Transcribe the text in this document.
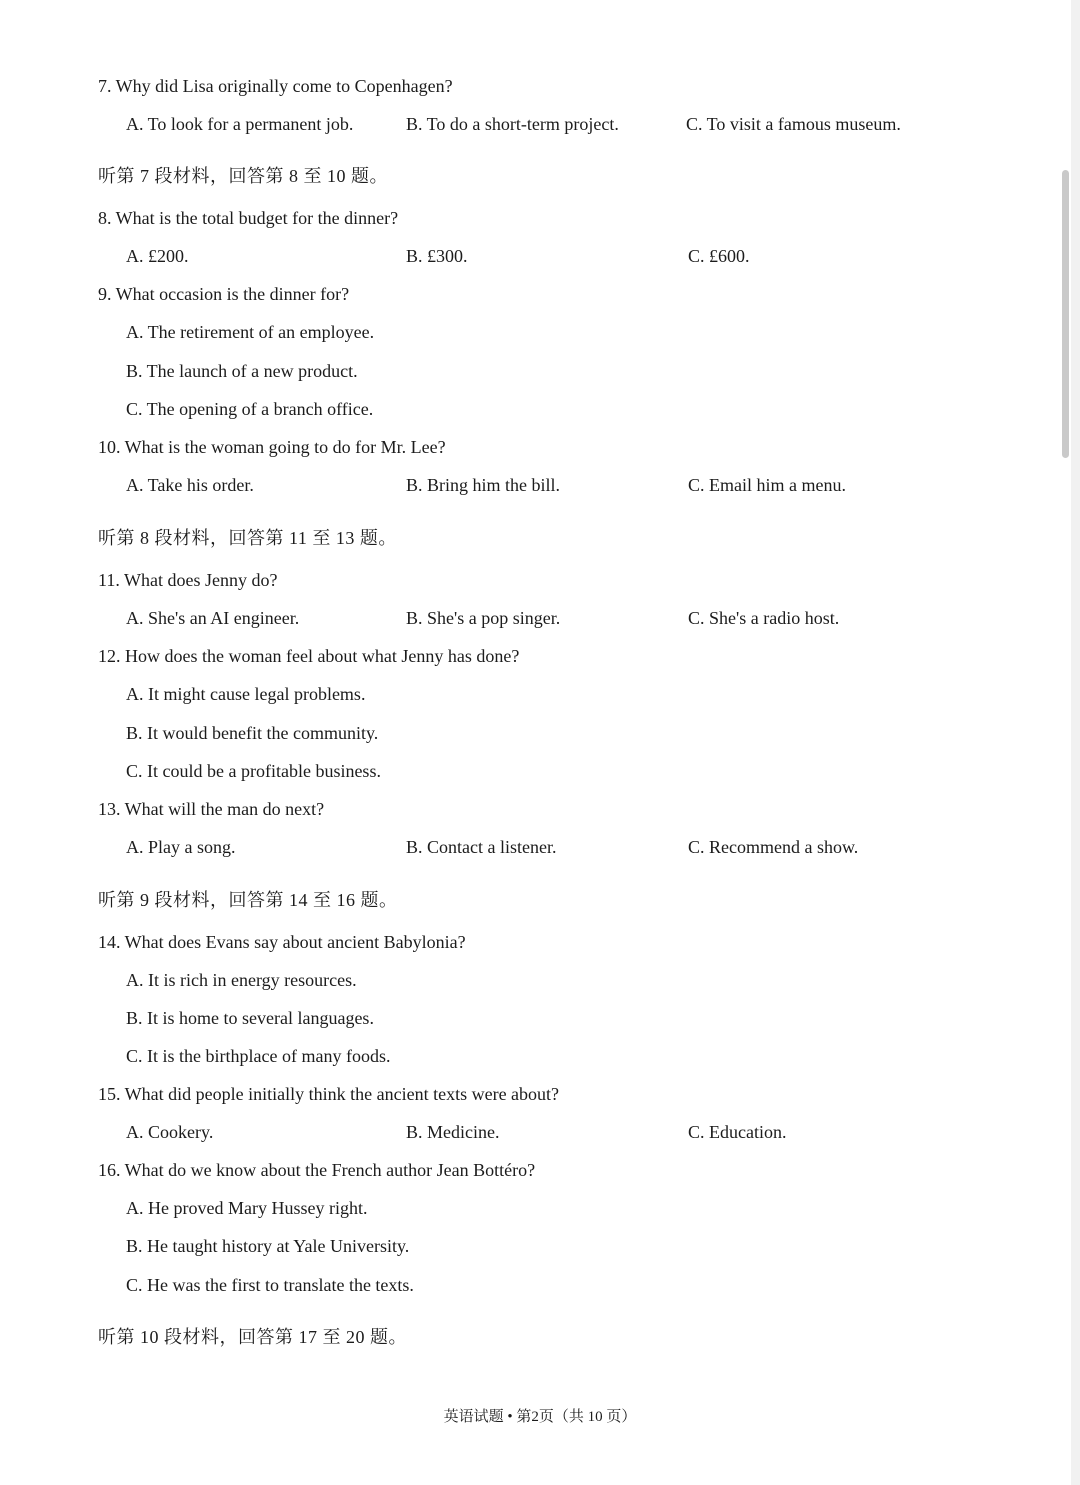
7. Why did Lisa originally come to Copenhagen?
A. To look for a permanent job.	B. To do a short-term project.	C. To visit a famous museum.
听第 7 段材料，回答第 8 至 10 题。
8. What is the total budget for the dinner?
A. £200.	B. £300.	C. £600.
9. What occasion is the dinner for?
A. The retirement of an employee.
B. The launch of a new product.
C. The opening of a branch office.
10. What is the woman going to do for Mr. Lee?
A. Take his order.	B. Bring him the bill.	C. Email him a menu.
听第 8 段材料，回答第 11 至 13 题。
11. What does Jenny do?
A. She's an AI engineer.	B. She's a pop singer.	C. She's a radio host.
12. How does the woman feel about what Jenny has done?
A. It might cause legal problems.
B. It would benefit the community.
C. It could be a profitable business.
13. What will the man do next?
A. Play a song.	B. Contact a listener.	C. Recommend a show.
听第 9 段材料，回答第 14 至 16 题。
14. What does Evans say about ancient Babylonia?
A. It is rich in energy resources.
B. It is home to several languages.
C. It is the birthplace of many foods.
15. What did people initially think the ancient texts were about?
A. Cookery.	B. Medicine.	C. Education.
16. What do we know about the French author Jean Bottéro?
A. He proved Mary Hussey right.
B. He taught history at Yale University.
C. He was the first to translate the texts.
听第 10 段材料，回答第 17 至 20 题。
英语试题 • 第2页（共 10 页）
